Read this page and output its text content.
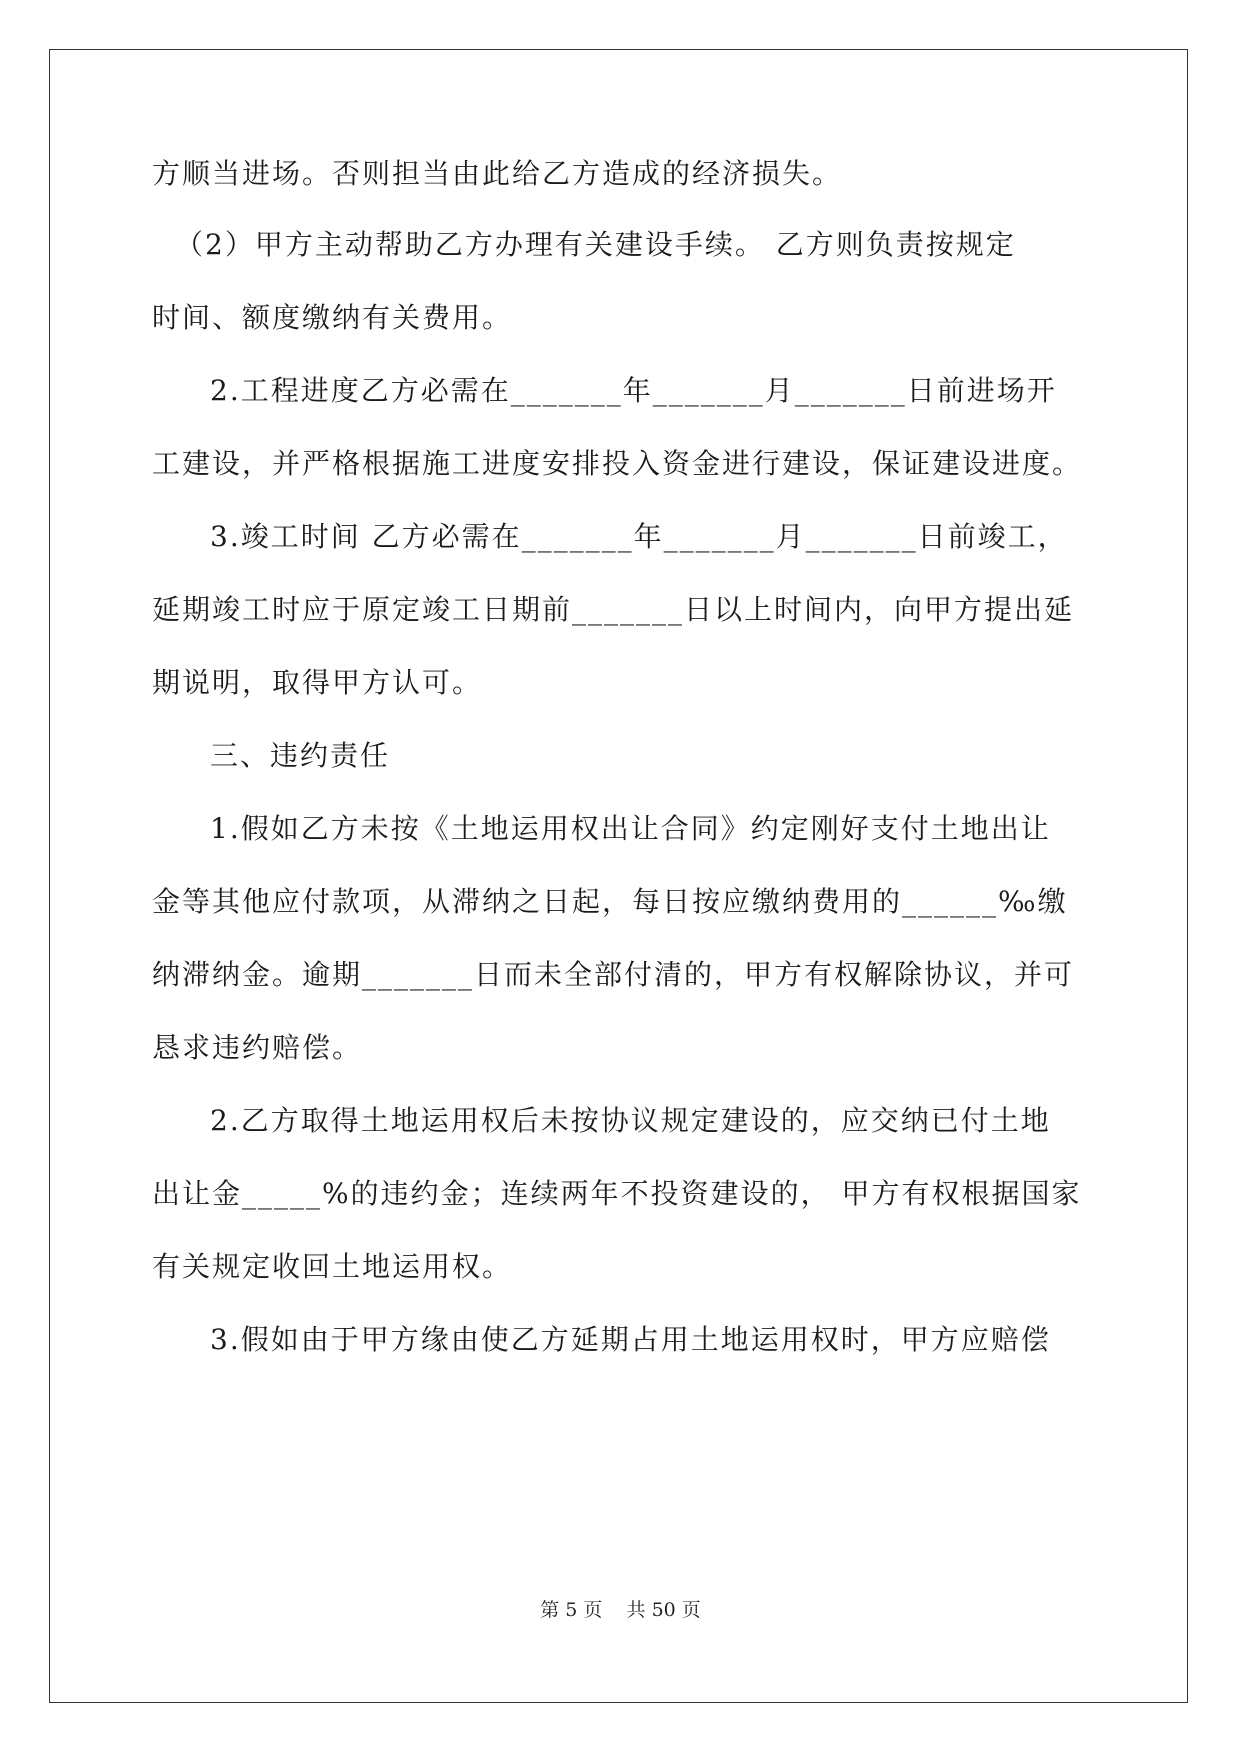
方顺当进场。否则担当由此给乙方造成的经济损失。
（2）甲方主动帮助乙方办理有关建设手续。 乙方则负责按规定
时间、额度缴纳有关费用。
2.工程进度乙方必需在_______年_______月_______日前进场开
工建设，并严格根据施工进度安排投入资金进行建设，保证建设进度。
3.竣工时间 乙方必需在_______年_______月_______日前竣工，
延期竣工时应于原定竣工日期前_______日以上时间内，向甲方提出延
期说明，取得甲方认可。
三、违约责任
1.假如乙方未按《土地运用权出让合同》约定刚好支付土地出让
金等其他应付款项，从滞纳之日起，每日按应缴纳费用的______‰缴
纳滞纳金。逾期_______日而未全部付清的，甲方有权解除协议，并可
恳求违约赔偿。
2.乙方取得土地运用权后未按协议规定建设的，应交纳已付土地
出让金_____%的违约金；连续两年不投资建设的， 甲方有权根据国家
有关规定收回土地运用权。
3.假如由于甲方缘由使乙方延期占用土地运用权时，甲方应赔偿
第 5 页    共 50 页
